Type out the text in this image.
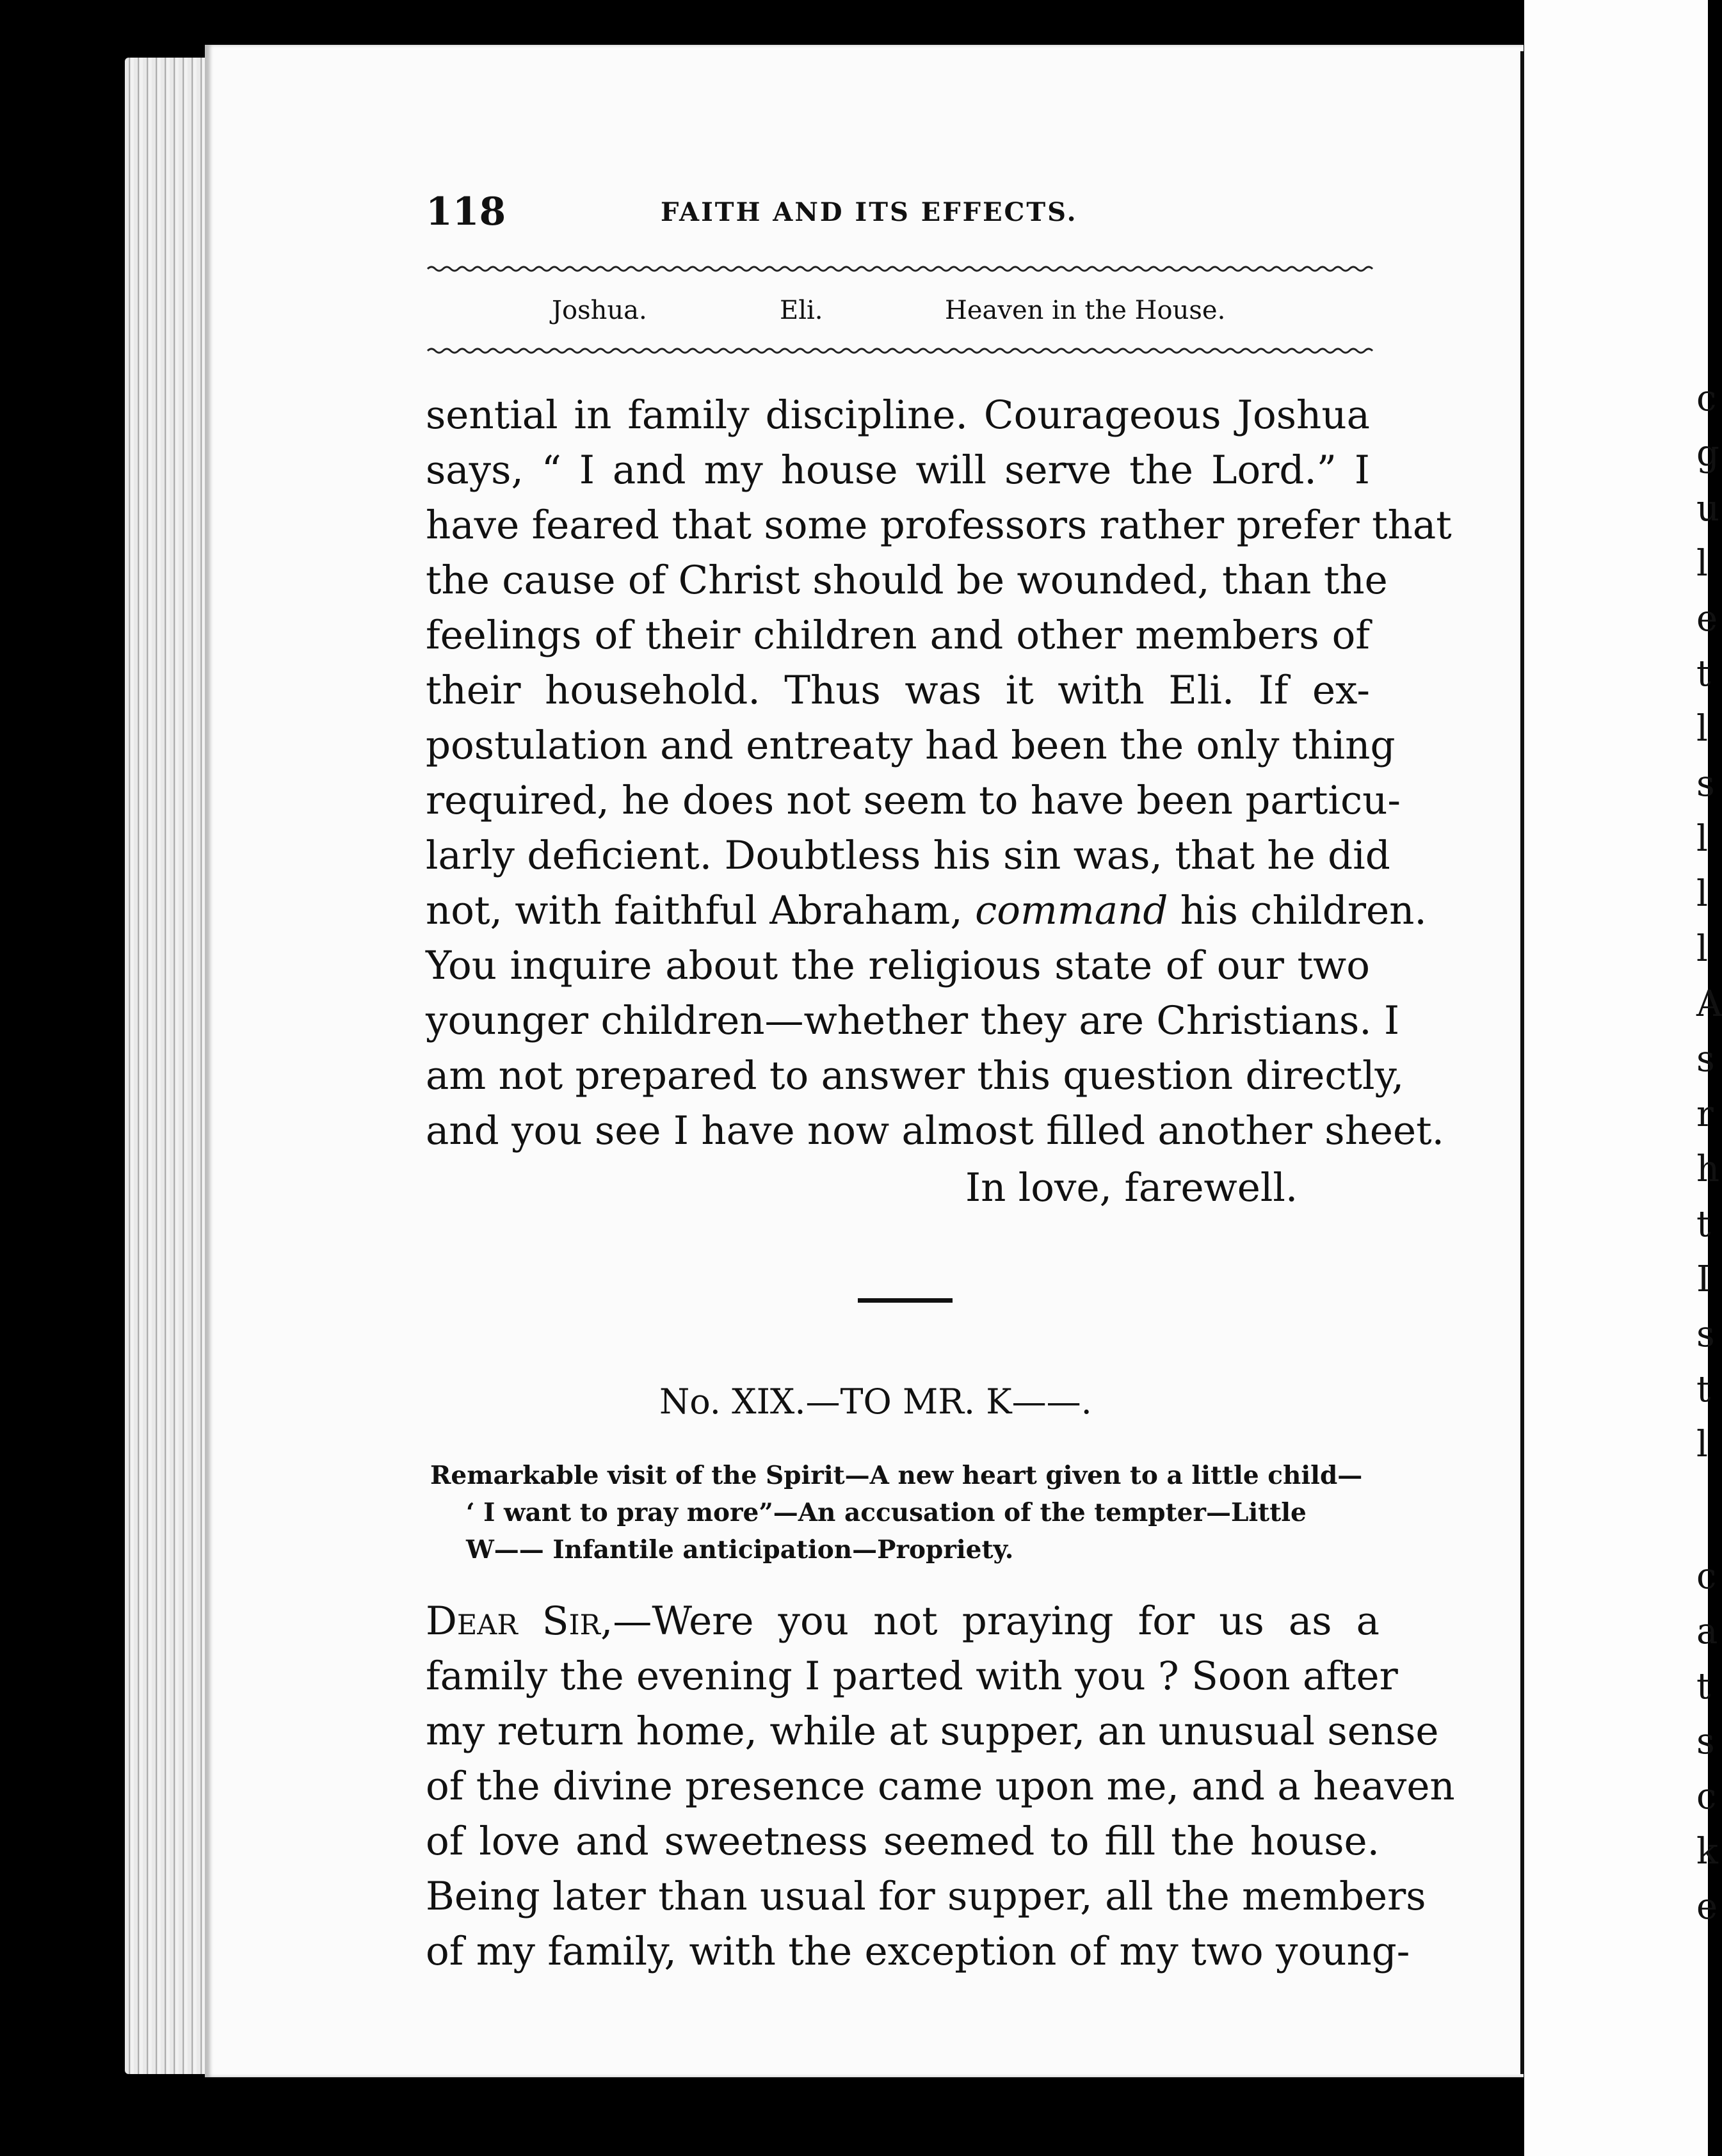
c
g
u
l
e
t
l
s
l
l
l
A
s
r
h
t
I
s
t
l
c
a
t
s
c
k
e
118	FAITH AND ITS EFFECTS.
Joshua.	Eli.	Heaven in the House.
sential in family discipline. Courageous Joshua
says, “ I and my house will serve the Lord.” I
have feared that some professors rather prefer that
the cause of Christ should be wounded, than the
feelings of their children and other members of
their household. Thus was it with Eli. If ex-
postulation and entreaty had been the only thing
required, he does not seem to have been particu-
larly deficient. Doubtless his sin was, that he did
not, with faithful Abraham, command his children.
You inquire about the religious state of our two
younger children—whether they are Christians. I
am not prepared to answer this question directly,
and you see I have now almost filled another sheet.
In love, farewell.
No. XIX.—TO MR. K——.
Remarkable visit of the Spirit—A new heart given to a little child—
‘ I want to pray more”—An accusation of the tempter—Little
W—— Infantile anticipation—Propriety.
Dear Sir,—Were you not praying for us as a
family the evening I parted with you ? Soon after
my return home, while at supper, an unusual sense
of the divine presence came upon me, and a heaven
of love and sweetness seemed to fill the house.
Being later than usual for supper, all the members
of my family, with the exception of my two young-
